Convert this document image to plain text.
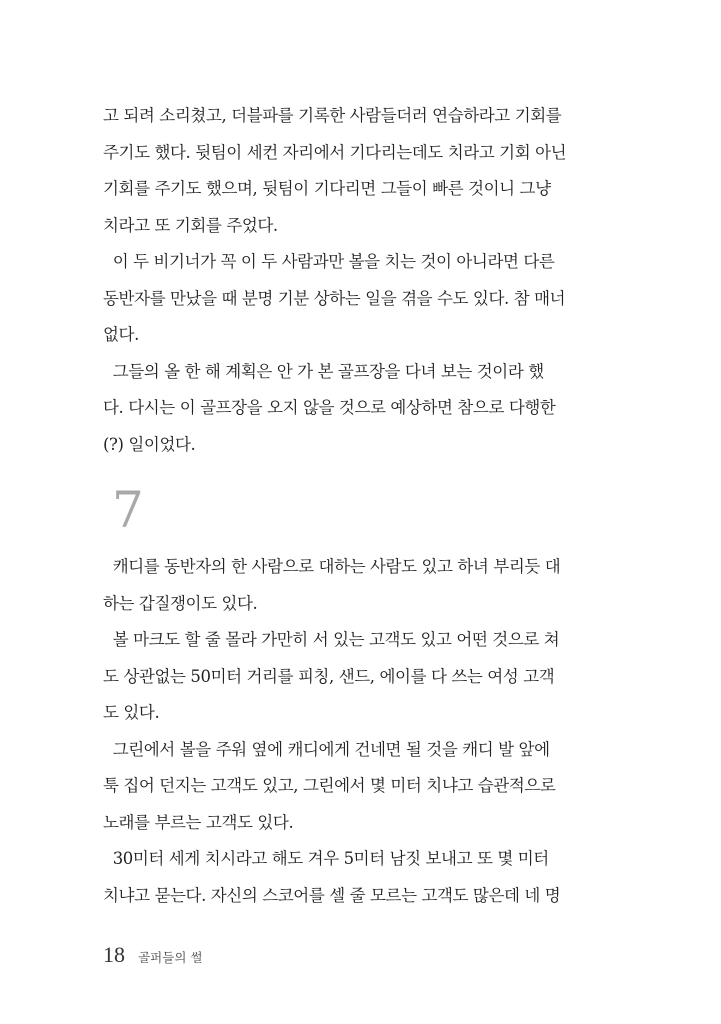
고 되려 소리쳤고, 더블파를 기록한 사람들더러 연습하라고 기회를
주기도 했다. 뒷팀이 세컨 자리에서 기다리는데도 치라고 기회 아닌
기회를 주기도 했으며, 뒷팀이 기다리면 그들이 빠른 것이니 그냥
치라고 또 기회를 주었다.
이 두 비기너가 꼭 이 두 사람과만 볼을 치는 것이 아니라면 다른
동반자를 만났을 때 분명 기분 상하는 일을 겪을 수도 있다. 참 매너
없다.
그들의 올 한 해 계획은 안 가 본 골프장을 다녀 보는 것이라 했
다. 다시는 이 골프장을 오지 않을 것으로 예상하면 참으로 다행한
(?) 일이었다.
7
캐디를 동반자의 한 사람으로 대하는 사람도 있고 하녀 부리듯 대
하는 갑질쟁이도 있다.
볼 마크도 할 줄 몰라 가만히 서 있는 고객도 있고 어떤 것으로 쳐
도 상관없는 50미터 거리를 피칭, 샌드, 에이를 다 쓰는 여성 고객
도 있다.
그린에서 볼을 주워 옆에 캐디에게 건네면 될 것을 캐디 발 앞에
툭 집어 던지는 고객도 있고, 그린에서 몇 미터 치냐고 습관적으로
노래를 부르는 고객도 있다.
30미터 세게 치시라고 해도 겨우 5미터 남짓 보내고 또 몇 미터
치냐고 묻는다. 자신의 스코어를 셀 줄 모르는 고객도 많은데 네 명
18 골퍼들의 썰
